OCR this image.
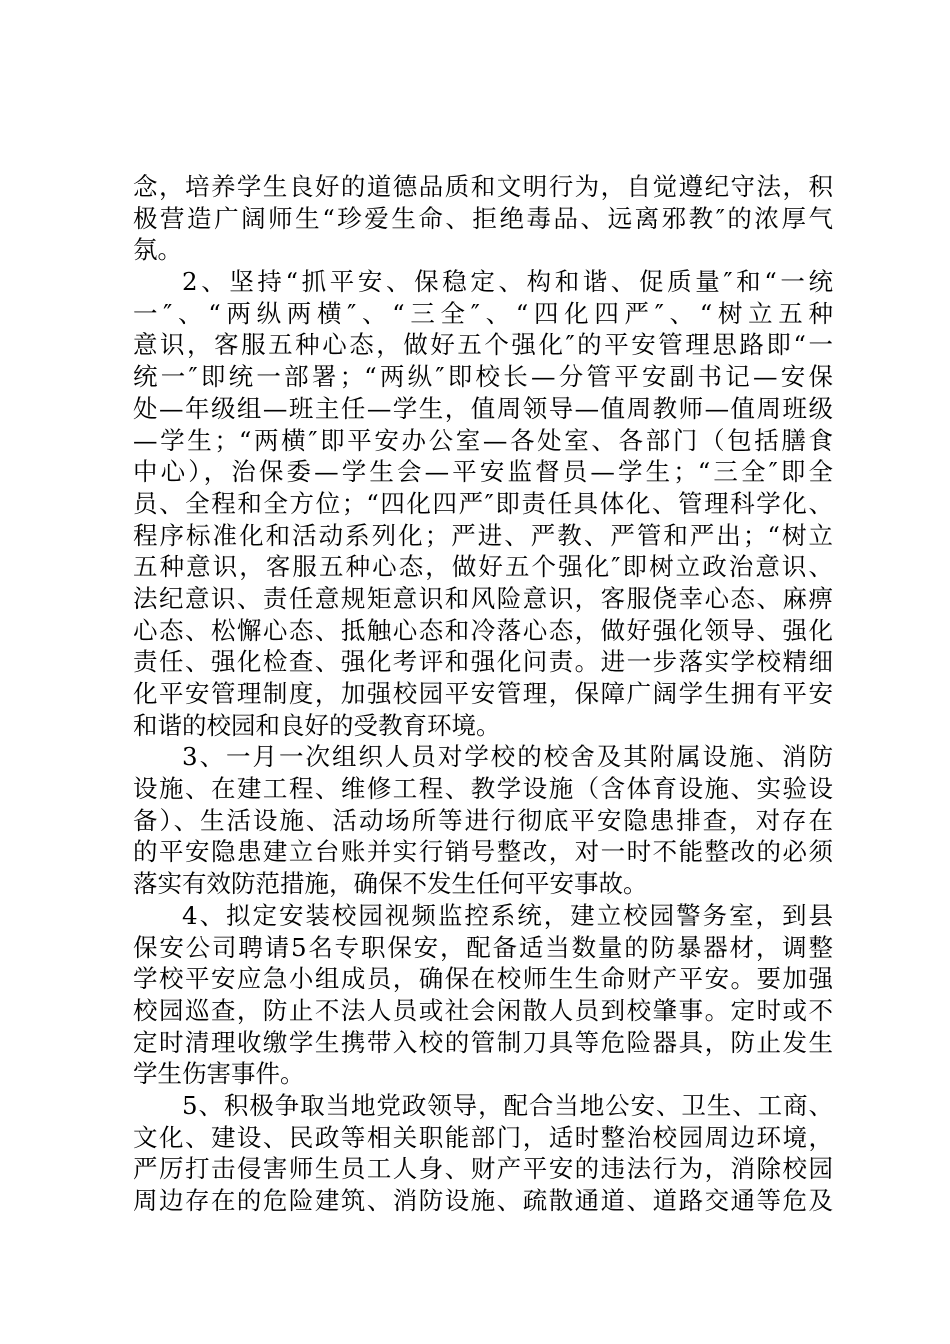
念，培养学生良好的道德品质和文明行为，自觉遵纪守法，积
极营造广阔师生“珍爱生命、拒绝毒品、远离邪教″的浓厚气
氛。
2、坚持“抓平安、保稳定、构和谐、促质量″和“一统
一″、“两纵两横″、“三全″、“四化四严″、“树立五种
意识，客服五种心态，做好五个强化″的平安管理思路即“一
统一″即统一部署；“两纵″即校长—分管平安副书记—安保
处—年级组—班主任—学生，值周领导—值周教师—值周班级
—学生；“两横″即平安办公室—各处室、各部门（包括膳食
中心），治保委—学生会—平安监督员—学生；“三全″即全
员、全程和全方位；“四化四严″即责任具体化、管理科学化、
程序标准化和活动系列化；严进、严教、严管和严出；“树立
五种意识，客服五种心态，做好五个强化″即树立政治意识、
法纪意识、责任意规矩意识和风险意识，客服侥幸心态、麻痹
心态、松懈心态、抵触心态和冷落心态，做好强化领导、强化
责任、强化检查、强化考评和强化问责。进一步落实学校精细
化平安管理制度，加强校园平安管理，保障广阔学生拥有平安
和谐的校园和良好的受教育环境。
3、一月一次组织人员对学校的校舍及其附属设施、消防
设施、在建工程、维修工程、教学设施（含体育设施、实验设
备）、生活设施、活动场所等进行彻底平安隐患排查，对存在
的平安隐患建立台账并实行销号整改，对一时不能整改的必须
落实有效防范措施，确保不发生任何平安事故。
4、拟定安装校园视频监控系统，建立校园警务室，到县
保安公司聘请5名专职保安，配备适当数量的防暴器材，调整
学校平安应急小组成员，确保在校师生生命财产平安。要加强
校园巡查，防止不法人员或社会闲散人员到校肇事。定时或不
定时清理收缴学生携带入校的管制刀具等危险器具，防止发生
学生伤害事件。
5、积极争取当地党政领导，配合当地公安、卫生、工商、
文化、建设、民政等相关职能部门，适时整治校园周边环境，
严厉打击侵害师生员工人身、财产平安的违法行为，消除校园
周边存在的危险建筑、消防设施、疏散通道、道路交通等危及
